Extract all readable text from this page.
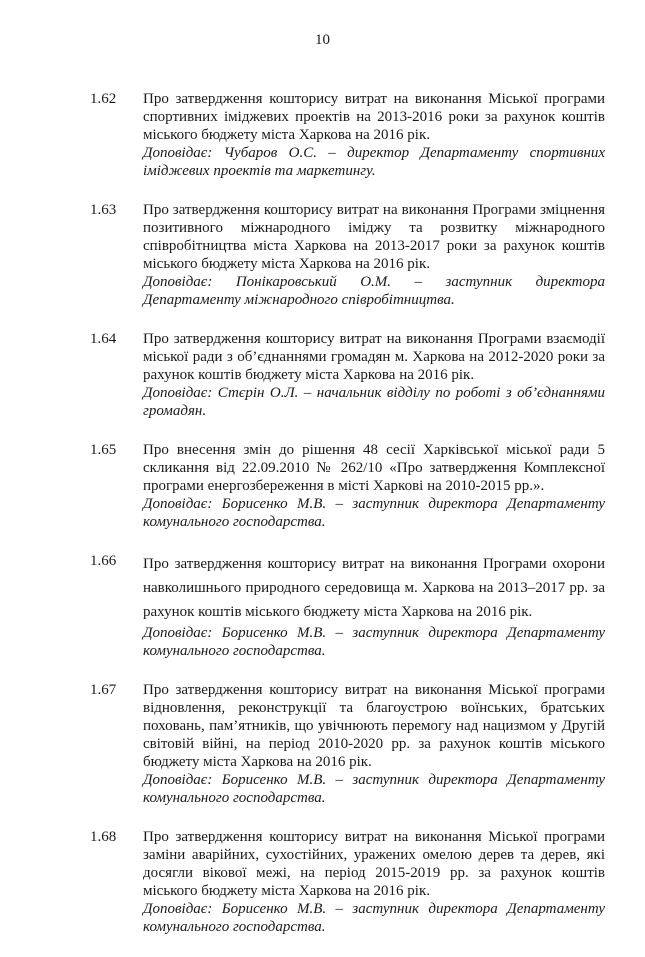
10
1.62 Про затвердження кошторису витрат на виконання Міської програми спортивних іміджевих проектів на 2013-2016 роки за рахунок коштів міського бюджету міста Харкова на 2016 рік.
Доповідає: Чубаров О.С. – директор Департаменту спортивних іміджевих проектів та маркетингу.
1.63 Про затвердження кошторису витрат на виконання Програми зміцнення позитивного міжнародного іміджу та розвитку міжнародного співробітництва міста Харкова на 2013-2017 роки за рахунок коштів міського бюджету міста Харкова на 2016 рік.
Доповідає: Понікаровський О.М. – заступник директора Департаменту міжнародного співробітництва.
1.64 Про затвердження кошторису витрат на виконання Програми взаємодії міської ради з об’єднаннями громадян м. Харкова на 2012-2020 роки за рахунок коштів бюджету міста Харкова на 2016 рік.
Доповідає: Стєрін О.Л. – начальник відділу по роботі з об’єднаннями громадян.
1.65 Про внесення змін до рішення 48 сесії Харківської міської ради 5 скликання від 22.09.2010 № 262/10 «Про затвердження Комплексної програми енергозбереження в місті Харкові на 2010-2015 рр.».
Доповідає: Борисенко М.В. – заступник директора Департаменту комунального господарства.
1.66 Про затвердження кошторису витрат на виконання Програми охорони навколишнього природного середовища м. Харкова на 2013–2017 рр. за рахунок коштів міського бюджету міста Харкова на 2016 рік.
Доповідає: Борисенко М.В. – заступник директора Департаменту комунального господарства.
1.67 Про затвердження кошторису витрат на виконання Міської програми відновлення, реконструкції та благоустрою воїнських, братських поховань, пам’ятників, що увічнюють перемогу над нацизмом у Другій світовій війні, на період 2010-2020 рр. за рахунок коштів міського бюджету міста Харкова на 2016 рік.
Доповідає: Борисенко М.В. – заступник директора Департаменту комунального господарства.
1.68 Про затвердження кошторису витрат на виконання Міської програми заміни аварійних, сухостійних, уражених омелою дерев та дерев, які досягли вікової межі, на період 2015-2019 рр. за рахунок коштів міського бюджету міста Харкова на 2016 рік.
Доповідає: Борисенко М.В. – заступник директора Департаменту комунального господарства.
